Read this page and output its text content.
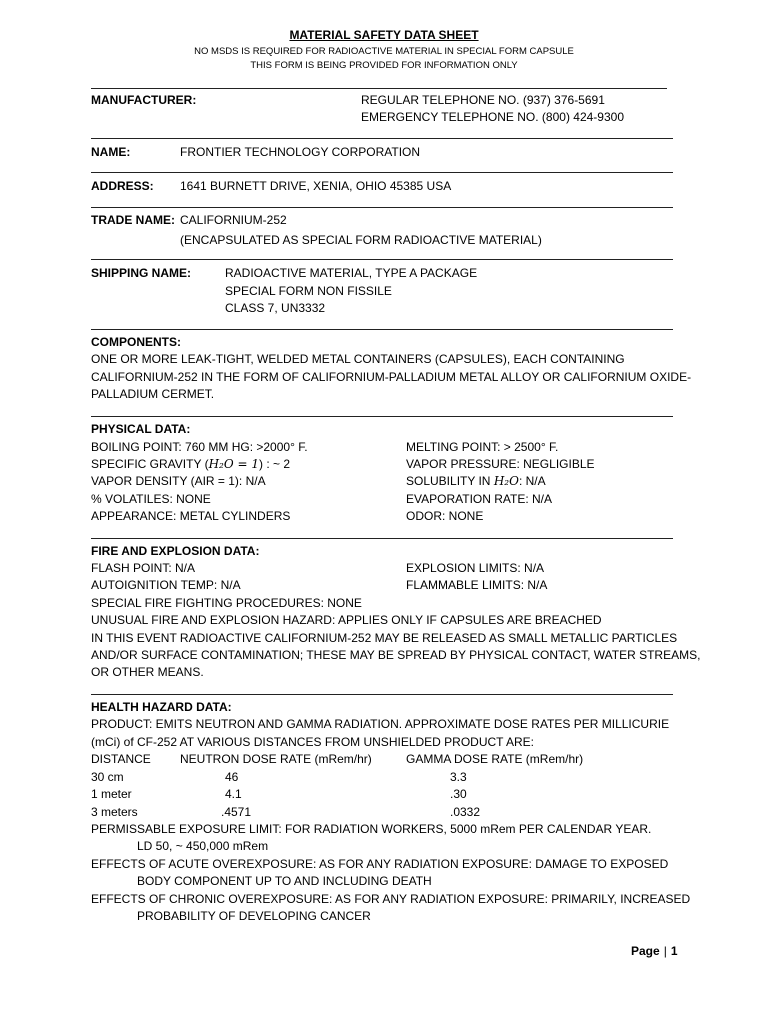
MATERIAL SAFETY DATA SHEET
NO MSDS IS REQUIRED FOR RADIOACTIVE MATERIAL IN SPECIAL FORM CAPSULE
THIS FORM IS BEING PROVIDED FOR INFORMATION ONLY
MANUFACTURER:	REGULAR TELEPHONE NO. (937) 376-5691
EMERGENCY TELEPHONE NO. (800) 424-9300
NAME:	FRONTIER TECHNOLOGY CORPORATION
ADDRESS: 1641 BURNETT DRIVE, XENIA, OHIO 45385 USA
TRADE NAME: CALIFORNIUM-252
(ENCAPSULATED AS SPECIAL FORM RADIOACTIVE MATERIAL)
SHIPPING NAME:	RADIOACTIVE MATERIAL, TYPE A PACKAGE
SPECIAL FORM NON FISSILE
CLASS 7, UN3332
COMPONENTS:
ONE OR MORE LEAK-TIGHT, WELDED METAL CONTAINERS (CAPSULES), EACH CONTAINING
CALIFORNIUM-252 IN THE FORM OF CALIFORNIUM-PALLADIUM METAL ALLOY OR CALIFORNIUM OXIDE-
PALLADIUM CERMET.
PHYSICAL DATA:
BOILING POINT: 760 MM HG: >2000° F.	MELTING POINT: > 2500° F.
SPECIFIC GRAVITY (H₂O = 1) : ~ 2	VAPOR PRESSURE: NEGLIGIBLE
VAPOR DENSITY (AIR = 1): N/A	SOLUBILITY IN H₂O: N/A
% VOLATILES: NONE	EVAPORATION RATE: N/A
APPEARANCE: METAL CYLINDERS	ODOR: NONE
FIRE AND EXPLOSION DATA:
FLASH POINT: N/A	EXPLOSION LIMITS: N/A
AUTOIGNITION TEMP: N/A	FLAMMABLE LIMITS: N/A
SPECIAL FIRE FIGHTING PROCEDURES: NONE
UNUSUAL FIRE AND EXPLOSION HAZARD: APPLIES ONLY IF CAPSULES ARE BREACHED
IN THIS EVENT RADIOACTIVE CALIFORNIUM-252 MAY BE RELEASED AS SMALL METALLIC PARTICLES
AND/OR SURFACE CONTAMINATION; THESE MAY BE SPREAD BY PHYSICAL CONTACT, WATER STREAMS,
OR OTHER MEANS.
HEALTH HAZARD DATA:
PRODUCT: EMITS NEUTRON AND GAMMA RADIATION. APPROXIMATE DOSE RATES PER MILLICURIE
(mCi) of CF-252 AT VARIOUS DISTANCES FROM UNSHIELDED PRODUCT ARE:
DISTANCE NEUTRON DOSE RATE (mRem/hr)	GAMMA DOSE RATE (mRem/hr)
30 cm	46	3.3
1 meter	4.1	.30
3 meters	.4571	.0332
PERMISSABLE EXPOSURE LIMIT: FOR RADIATION WORKERS, 5000 mRem PER CALENDAR YEAR.
LD 50, ~ 450,000 mRem
EFFECTS OF ACUTE OVEREXPOSURE: AS FOR ANY RADIATION EXPOSURE: DAMAGE TO EXPOSED
BODY COMPONENT UP TO AND INCLUDING DEATH
EFFECTS OF CHRONIC OVEREXPOSURE: AS FOR ANY RADIATION EXPOSURE: PRIMARILY, INCREASED
PROBABILITY OF DEVELOPING CANCER
Page | 1
